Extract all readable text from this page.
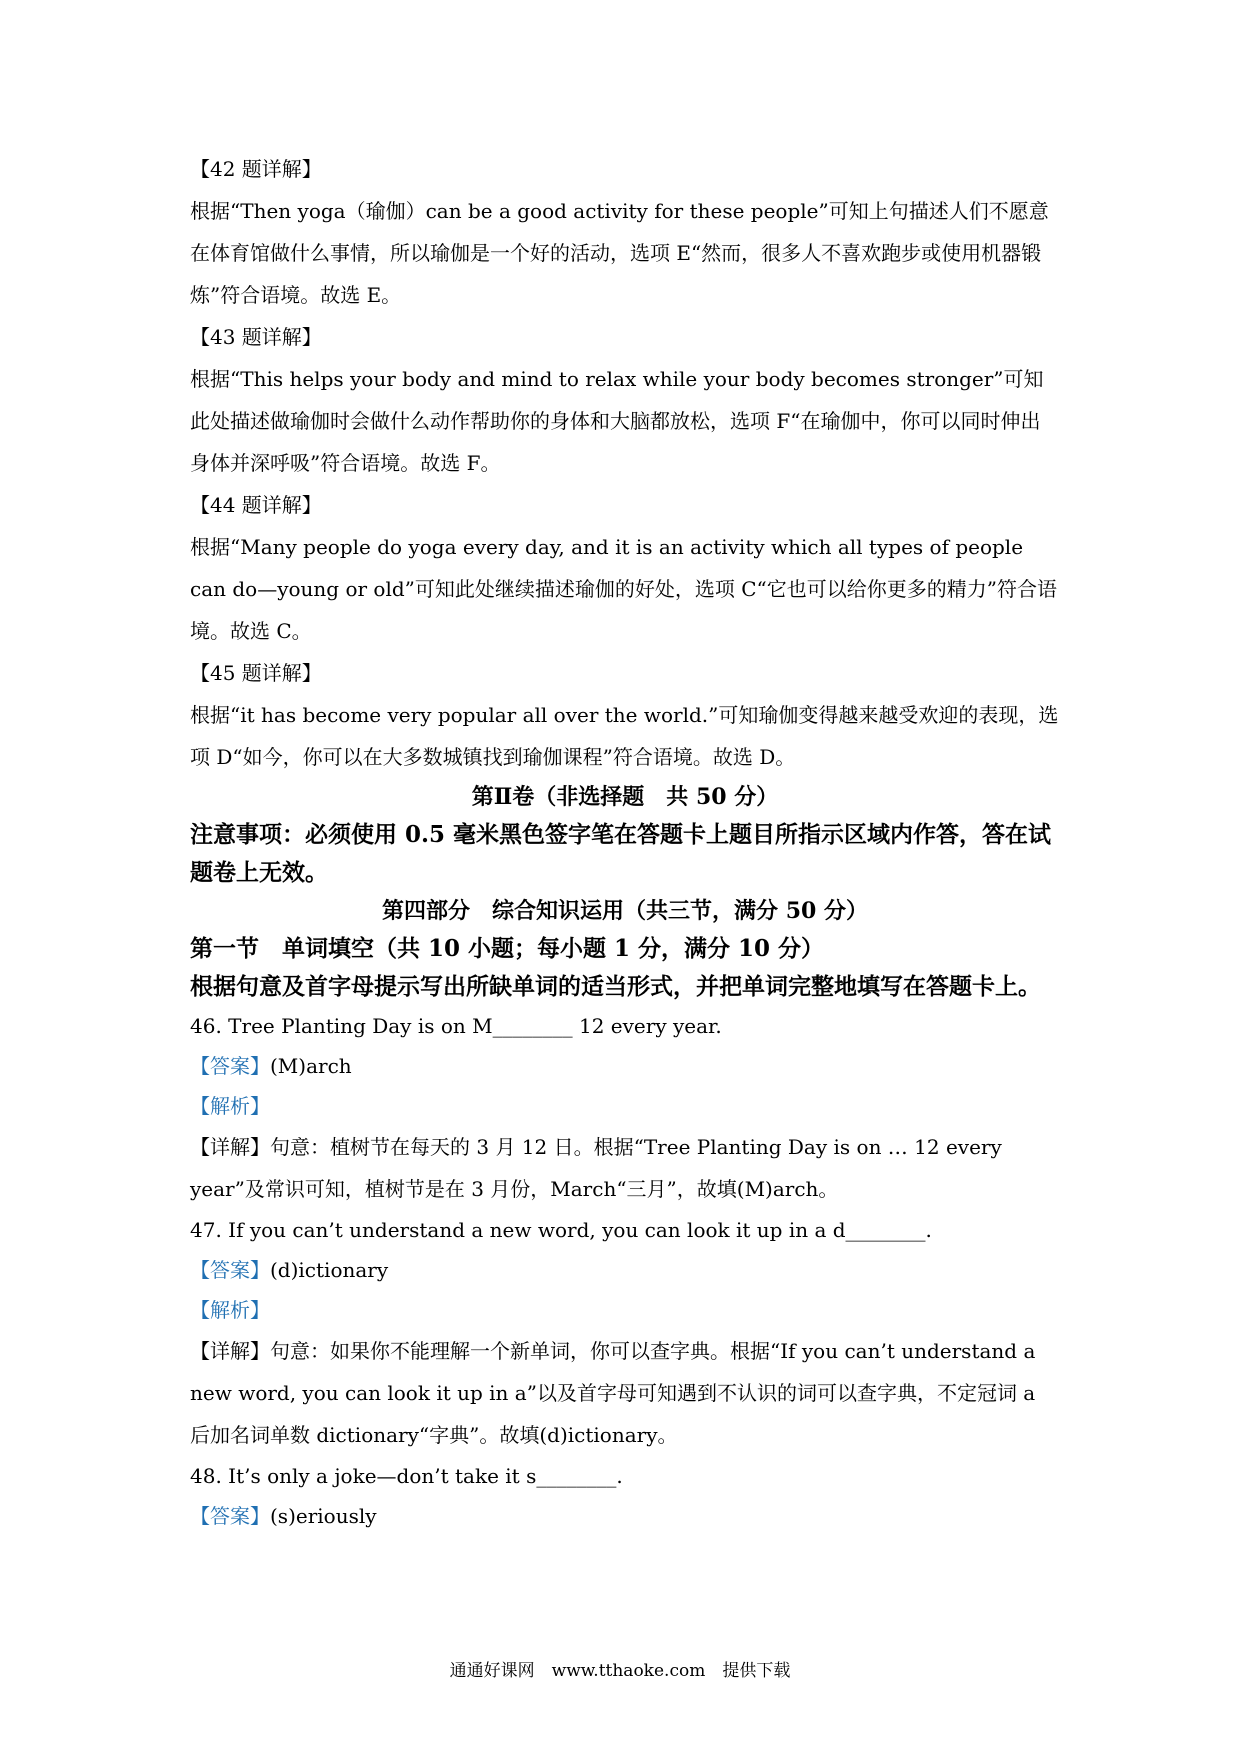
【42 题详解】

根据“Then yoga（瑜伽）can be a good activity for these people”可知上句描述人们不愿意在体育馆做什么事情，所以瑜伽是一个好的活动，选项 E“然而，很多人不喜欢跑步或使用机器锻炼”符合语境。故选 E。

【43 题详解】

根据“This helps your body and mind to relax while your body becomes stronger”可知此处描述做瑜伽时会做什么动作帮助你的身体和大脑都放松，选项 F“在瑜伽中，你可以同时伸出身体并深呼吸”符合语境。故选 F。

【44 题详解】

根据“Many people do yoga every day, and it is an activity which all types of people can do—young or old”可知此处继续描述瑜伽的好处，选项 C“它也可以给你更多的精力”符合语境。故选 C。

【45 题详解】

根据“it has become very popular all over the world.”可知瑜伽变得越来越受欢迎的表现，选项 D“如今，你可以在大多数城镇找到瑜伽课程”符合语境。故选 D。

第Ⅱ卷（非选择题　共 50 分）

注意事项：必须使用 0.5 毫米黑色签字笔在答题卡上题目所指示区域内作答，答在试题卷上无效。

第四部分　综合知识运用（共三节，满分 50 分）

第一节　单词填空（共 10 小题；每小题 1 分，满分 10 分）

根据句意及首字母提示写出所缺单词的适当形式，并把单词完整地填写在答题卡上。

46. Tree Planting Day is on M________ 12 every year.

【答案】(M)arch

【解析】

【详解】句意：植树节在每天的 3 月 12 日。根据“Tree Planting Day is on … 12 every year”及常识可知，植树节是在 3 月份，March“三月”，故填(M)arch。

47. If you can’t understand a new word, you can look it up in a d________.

【答案】(d)ictionary

【解析】

【详解】句意：如果你不能理解一个新单词，你可以查字典。根据“If you can’t understand a new word, you can look it up in a”以及首字母可知遇到不认识的词可以查字典，不定冠词 a 后加名词单数 dictionary“字典”。故填(d)ictionary。

48. It’s only a joke—don’t take it s________.

【答案】(s)eriously

通通好课网　www.tthaoke.com　提供下载
